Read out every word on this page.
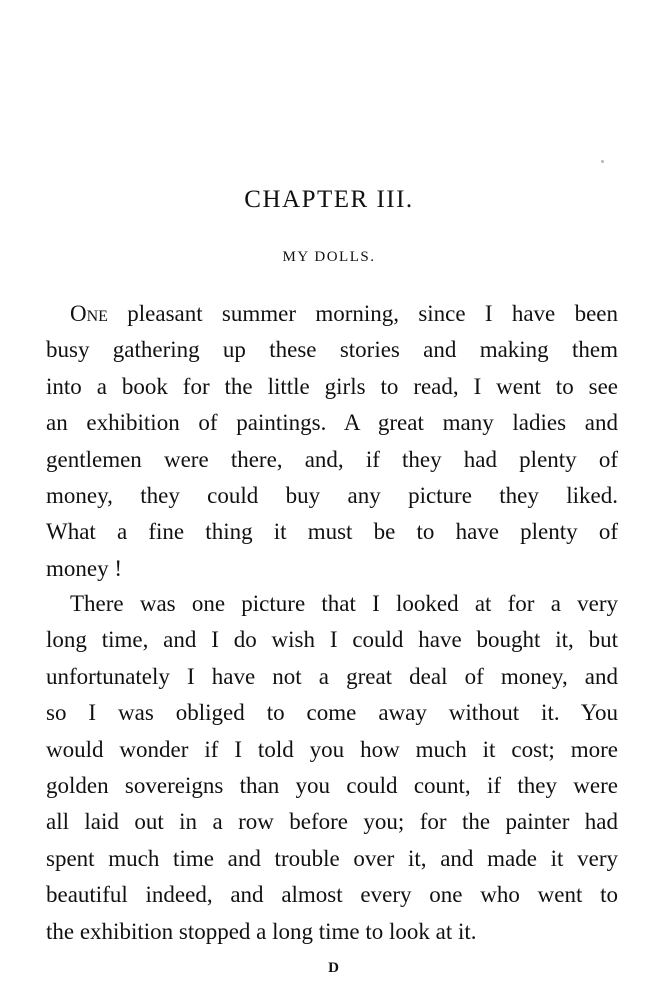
CHAPTER III.
MY DOLLS.
One pleasant summer morning, since I have been
busy gathering up these stories and making them
into a book for the little girls to read, I went to see
an exhibition of paintings. A great many ladies and
gentlemen were there, and, if they had plenty of
money, they could buy any picture they liked.
What a fine thing it must be to have plenty of
money !
There was one picture that I looked at for a very
long time, and I do wish I could have bought it, but
unfortunately I have not a great deal of money, and
so I was obliged to come away without it. You
would wonder if I told you how much it cost; more
golden sovereigns than you could count, if they were
all laid out in a row before you; for the painter had
spent much time and trouble over it, and made it very
beautiful indeed, and almost every one who went to
the exhibition stopped a long time to look at it.
D
